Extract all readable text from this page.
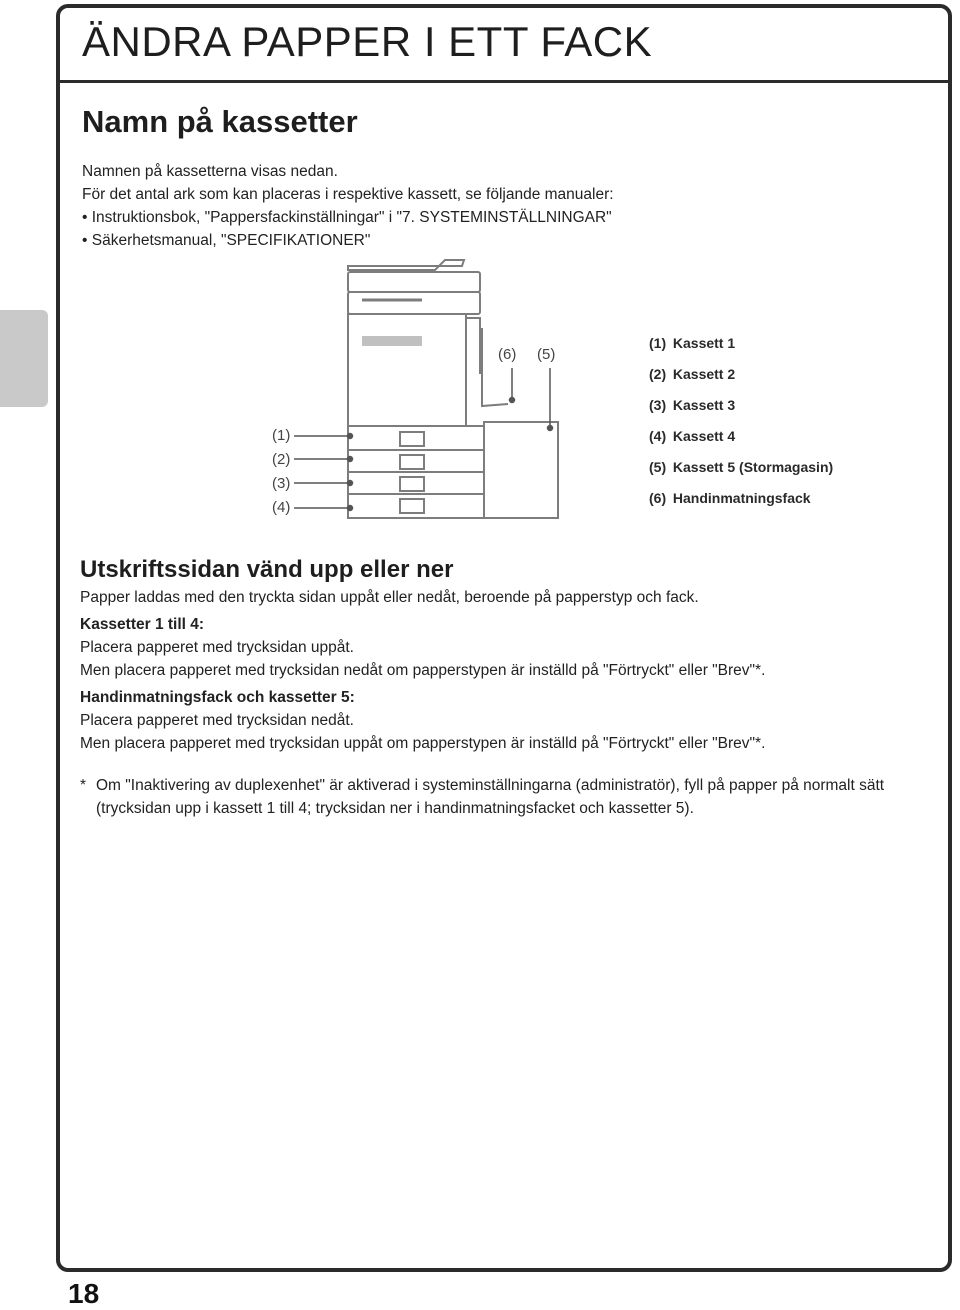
ÄNDRA PAPPER I ETT FACK
Namn på kassetter

Namnen på kassetterna visas nedan.

För det antal ark som kan placeras i respektive kassett, se följande manualer:

• Instruktionsbok, "Pappersfackinställningar" i "7. SYSTEMINSTÄLLNINGAR"

• Säkerhetsmanual, "SPECIFIKATIONER"

(1)
(2)
(3)
(4)
(6) (5)
(1) Kassett 1
(2) Kassett 2
(3) Kassett 3
(4) Kassett 4
(5) Kassett 5 (Stormagasin)
(6) Handinmatningsfack
Utskriftssidan vänd upp eller ner

Papper laddas med den tryckta sidan uppåt eller nedåt, beroende på papperstyp och fack.

Kassetter 1 till 4:

Placera papperet med trycksidan uppåt.

Men placera papperet med trycksidan nedåt om papperstypen är inställd på "Förtryckt" eller "Brev"*.

Handinmatningsfack och kassetter 5:

Placera papperet med trycksidan nedåt.

Men placera papperet med trycksidan uppåt om papperstypen är inställd på "Förtryckt" eller "Brev"*.

* Om "Inaktivering av duplexenhet" är aktiverad i systeminställningarna (administratör), fyll på papper på normalt sätt (trycksidan upp i kassett 1 till 4; trycksidan ner i handinmatningsfacket och kassetter 5).
18
